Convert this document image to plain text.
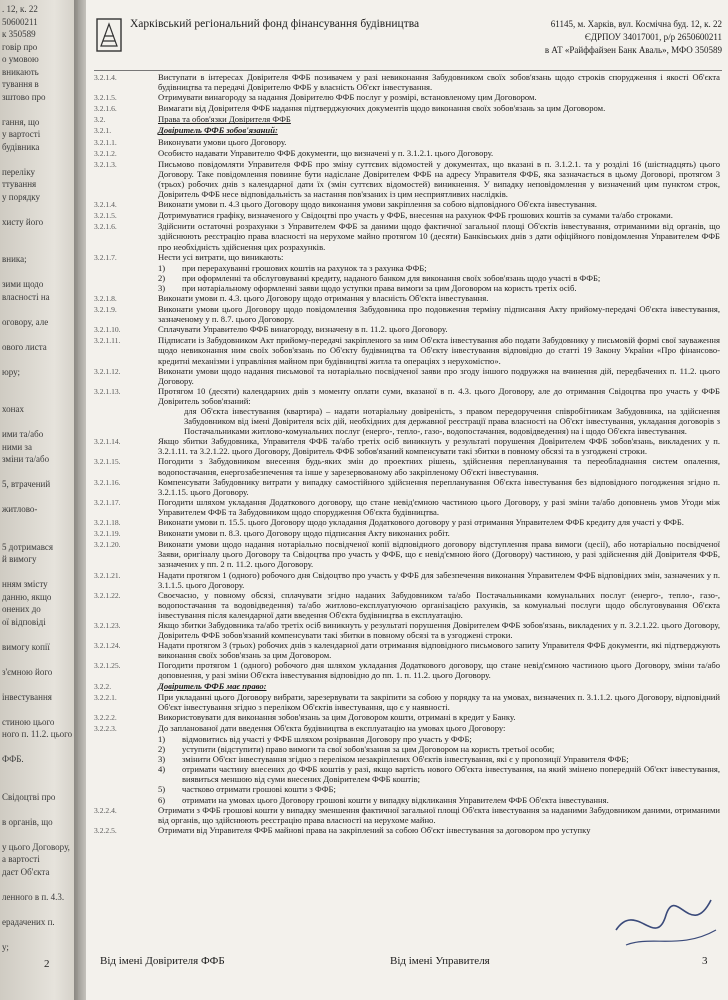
. 12, к. 22
50600211
к 350589
говір про
о умовою
вникають
тування в
зштово про
гання, що
у вартості
будівника
переліку
ттування
у порядку
хисту його
вника;
зими щодо
власності на
оговору, але
ового листа
юру;
хонах
ими та/або
ними за
зміни та/або
5, втрачений
житлово-
5 дотримався
й вимогу
нням змісту
данню, якщо
онених до
ої відповіді
вимогу копії
з'ємною його
інвестування
стиною цього
ного п. 11.2. цього
ФФБ.
Свідоцтві про
в органів, що
у цього Договору,
а вартості
даєт Об'єкта
ленного в п. 4.3.
ерадачених п.
у;
2
Харківський регіональний фонд фінансування будівництва	61145, м. Харків, вул. Космічна буд. 12, к. 22
ЄДРПОУ 34017001, р/р 2650600211
в АТ «Райффайзен Банк Аваль», МФО 350589
3.2.1.4.	Виступати в інтересах Довірителя ФФБ позивачем у разі невиконання Забудовником своїх зобов'язань щодо строків спорудження і якості Об'єкта будівництва та передачі Довірителю ФФБ у власність Об'єкт інвестування.
3.2.1.5.	Отримувати винагороду за надання Довірителю ФФБ послуг у розмірі, встановленому цим Договором.
3.2.1.6.	Вимагати від Довірителя ФФБ надання підтверджуючих документів щодо виконання своїх зобов'язань за цим Договором.
3.2.	Права та обов'язки Довірителя ФФБ
3.2.1.	Довіритель ФФБ зобов'язаний:
3.2.1.1.	Виконувати умови цього Договору.
3.2.1.2.	Особисто надавати Управителю ФФБ документи, що визначені у п. 3.1.2.1. цього Договору.
3.2.1.3.	Письмово повідомляти Управителя ФФБ про зміну суттєвих відомостей у документах, що вказані в п. 3.1.2.1. та у розділі 16 (шістнадцять) цього Договору. Таке повідомлення повинне бути надіслане Довірителем ФФБ на адресу Управителя ФФБ, яка зазначається в цьому Договорі, протягом 3 (трьох) робочих днів з календарної дати їх (змін суттєвих відомостей) виникнення. У випадку неповідомлення у визначений цим пунктом строк, Довіритель ФФБ несе відповідальність за настання пов'язаних із цим несприятливих наслідків.
3.2.1.4.	Виконати умови п. 4.3 цього Договору щодо виконання умови закріплення за собою відповідного Об'єкта інвестування.
3.2.1.5.	Дотримуватися графіку, визначеного у Свідоцтві про участь у ФФБ, внесення на рахунок ФФБ грошових коштів за сумами та/або строками.
3.2.1.6.	Здійснити остаточні розрахунки з Управителем ФФБ за даними щодо фактичної загальної площі Об'єктів інвестування, отриманими від органів, що здійснюють реєстрацію права власності на нерухоме майно протягом 10 (десяти) Банківських днів з дати офіційного повідомлення Управителем ФФБ про необхідність здійснення цих розрахунків.
3.2.1.7.	Нести усі витрати, що виникають:
1)	при перерахуванні грошових коштів на рахунок та з рахунка ФФБ;
2)	при оформленні та обслуговуванні кредиту, наданого банком для виконання своїх зобов'язань щодо участі в ФФБ;
3)	при нотаріальному оформленні заяви щодо уступки права вимоги за цим Договором на користь третіх осіб.
3.2.1.8.	Виконати умови п. 4.3. цього Договору щодо отримання у власність Об'єкта інвестування.
3.2.1.9.	Виконати умови цього Договору щодо повідомлення Забудовника про подовження терміну підписання Акту прийому-передачі Об'єкта інвестування, зазначеному у п. 8.7. цього Договору.
3.2.1.10.	Сплачувати Управителю ФФБ винагороду, визначену в п. 11.2. цього Договору.
3.2.1.11.	Підписати із Забудовником Акт прийому-передачі закріпленого за ним Об'єкта інвестування або подати Забудовнику у письмовій формі свої зауваження щодо невиконання ним своїх зобов'язань по Об'єкту будівництва та Об'єкту інвестування відповідно до статті 19 Закону України «Про фінансово-кредитні механізми і управління майном при будівництві житла та операціях з нерухомістю».
3.2.1.12.	Виконати умови щодо надання письмової та нотаріально посвідченої заяви про згоду іншого подружжя на вчинення дій, передбачених п. 11.2. цього Договору.
3.2.1.13.	Протягом 10 (десяти) календарних днів з моменту оплати суми, вказаної в п. 4.3. цього Договору, але до отримання Свідоцтва про участь у ФФБ Довіритель зобов'язаний:
для Об'єкта інвестування (квартира) – надати нотаріальну довіреність, з правом передоручення співробітникам Забудовника, на здійснення Забудовником від імені Довірителя всіх дій, необхідних для державної реєстрації права власності на Об'єкт інвестування, укладання договорів з Постачальниками житлово-комунальних послуг (енерго-, тепло-, газо-, водопостачання, водовідведення) на і щодо Об'єкта інвестування.
3.2.1.14.	Якщо збитки Забудовника, Управителя ФФБ та/або третіх осіб виникнуть у результаті порушення Довірителем ФФБ зобов'язань, викладених у п. 3.2.1.11. та 3.2.1.22. цього Договору, Довіритель ФФБ зобов'язаний компенсувати такі збитки в повному обсязі та в узгоджені строки.
3.2.1.15.	Погодити з Забудовником внесення будь-яких змін до проектних рішень, здійснення перепланування та переобладнання систем опалення, водопостачання, енергозабезпечення та інше у зарезервованому або закріпленому Об'єкті інвестування.
3.2.1.16.	Компенсувати Забудовнику витрати у випадку самостійного здійснення перепланування Об'єкта інвестування без відповідного погодження згідно п. 3.2.1.15. цього Договору.
3.2.1.17.	Погодити шляхом укладання Додаткового договору, що стане невід'ємною частиною цього Договору, у разі зміни та/або доповнень умов Угоди між Управителем ФФБ та Забудовником щодо спорудження Об'єкта будівництва.
3.2.1.18.	Виконати умови п. 15.5. цього Договору щодо укладання Додаткового договору у разі отримання Управителем ФФБ кредиту для участі у ФФБ.
3.2.1.19.	Виконати умови п. 8.3. цього Договору щодо підписання Акту виконаних робіт.
3.2.1.20.	Виконати умови щодо надання нотаріально посвідченої копії відповідного договору відступлення права вимоги (цесії), або нотаріально посвідченої Заяви, оригіналу цього Договору та Свідоцтва про участь у ФФБ, що є невід'ємною його (Договору) частиною, у разі здійснення дій Довірителя ФФБ, зазначених у пп. 2 п. 11.2. цього Договору.
3.2.1.21.	Надати протягом 1 (одного) робочого дня Свідоцтво про участь у ФФБ для забезпечення виконання Управителем ФФБ відповідних змін, зазначених у п. 3.1.1.5. цього Договору.
3.2.1.22.	Своєчасно, у повному обсязі, сплачувати згідно наданих Забудовником та/або Постачальниками комунальних послуг (енерго-, тепло-, газо-, водопостачання та водовідведення) та/або житлово-експлуатуючою організацією рахунків, за комунальні послуги щодо обслуговування Об'єкта інвестування після календарної дати введення Об'єкта будівництва в експлуатацію.
3.2.1.23.	Якщо збитки Забудовника та/або третіх осіб виникнуть у результаті порушення Довірителем ФФБ зобов'язань, викладених у п. 3.2.1.22. цього Договору, Довіритель ФФБ зобов'язаний компенсувати такі збитки в повному обсязі та в узгоджені строки.
3.2.1.24.	Надати протягом 3 (трьох) робочих днів з календарної дати отримання відповідного письмового запиту Управителя ФФБ документи, які підтверджують виконання своїх зобов'язань за цим Договором.
3.2.1.25.	Погодити протягом 1 (одного) робочого дня шляхом укладання Додаткового договору, що стане невід'ємною частиною цього Договору, зміни та/або доповнення, у разі зміни Об'єкта інвестування відповідно до пп. 1. п. 11.2. цього Договору.
3.2.2.	Довіритель ФФБ має право:
3.2.2.1.	При укладанні цього Договору вибрати, зарезервувати та закріпити за собою у порядку та на умовах, визначених п. 3.1.1.2. цього Договору, відповідний Об'єкт інвестування згідно з переліком Об'єктів інвестування, що є у наявності.
3.2.2.2.	Використовувати для виконання зобов'язань за цим Договором кошти, отримані в кредит у Банку.
3.2.2.3.	До запланованої дати введення Об'єкта будівництва в експлуатацію на умовах цього Договору:
1)	відмовитись від участі у ФФБ шляхом розірвання Договору про участь у ФФБ;
2)	уступити (відступити) право вимоги та свої зобов'язання за цим Договором на користь третьої особи;
3)	змінити Об'єкт інвестування згідно з переліком незакріплених Об'єктів інвестування, які є у пропозиції Управителя ФФБ;
4)	отримати частину внесених до ФФБ коштів у разі, якщо вартість нового Об'єкта інвестування, на який змінено попередній Об'єкт інвестування, виявиться меншою від суми внесених Довірителем ФФБ коштів;
5)	частково отримати грошові кошти з ФФБ;
6)	отримати на умовах цього Договору грошові кошти у випадку відкликання Управителем ФФБ Об'єкта інвестування.
3.2.2.4.	Отримати з ФФБ грошові кошти у випадку зменшення фактичної загальної площі Об'єкта інвестування за наданими Забудовником даними, отриманими від органів, що здійснюють реєстрацію права власності на нерухоме майно.
3.2.2.5.	Отримати від Управителя ФФБ майнові права на закріплений за собою Об'єкт інвестування за договором про уступку
Від імені Довірителя ФФБ	Від імені Управителя	3
